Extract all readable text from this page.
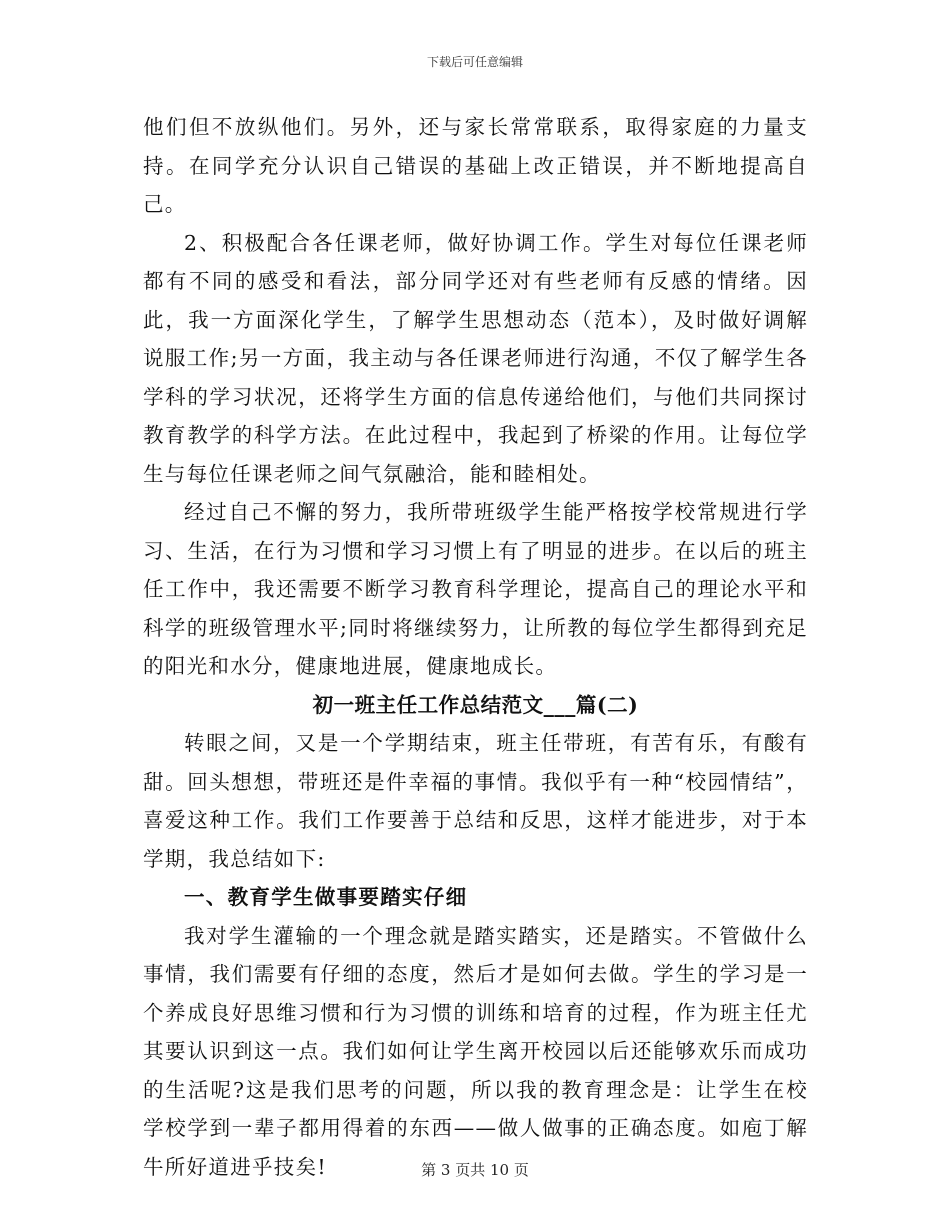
下载后可任意编辑

他们但不放纵他们。另外，还与家长常常联系，取得家庭的力量支持。在同学充分认识自己错误的基础上改正错误，并不断地提高自己。

2、积极配合各任课老师，做好协调工作。学生对每位任课老师都有不同的感受和看法，部分同学还对有些老师有反感的情绪。因此，我一方面深化学生，了解学生思想动态（范本），及时做好调解说服工作;另一方面，我主动与各任课老师进行沟通，不仅了解学生各学科的学习状况，还将学生方面的信息传递给他们，与他们共同探讨教育教学的科学方法。在此过程中，我起到了桥梁的作用。让每位学生与每位任课老师之间气氛融洽，能和睦相处。

经过自己不懈的努力，我所带班级学生能严格按学校常规进行学习、生活，在行为习惯和学习习惯上有了明显的进步。在以后的班主任工作中，我还需要不断学习教育科学理论，提高自己的理论水平和科学的班级管理水平;同时将继续努力，让所教的每位学生都得到充足的阳光和水分，健康地进展，健康地成长。

初一班主任工作总结范文___篇(二)

转眼之间，又是一个学期结束，班主任带班，有苦有乐，有酸有甜。回头想想，带班还是件幸福的事情。我似乎有一种“校园情结”，喜爱这种工作。我们工作要善于总结和反思，这样才能进步，对于本学期，我总结如下:

一、教育学生做事要踏实仔细

我对学生灌输的一个理念就是踏实踏实，还是踏实。不管做什么事情，我们需要有仔细的态度，然后才是如何去做。学生的学习是一个养成良好思维习惯和行为习惯的训练和培育的过程，作为班主任尤其要认识到这一点。我们如何让学生离开校园以后还能够欢乐而成功的生活呢?这是我们思考的问题，所以我的教育理念是：让学生在校学校学到一辈子都用得着的东西——做人做事的正确态度。如庖丁解牛所好道进乎技矣!	第 3 页共 10 页
